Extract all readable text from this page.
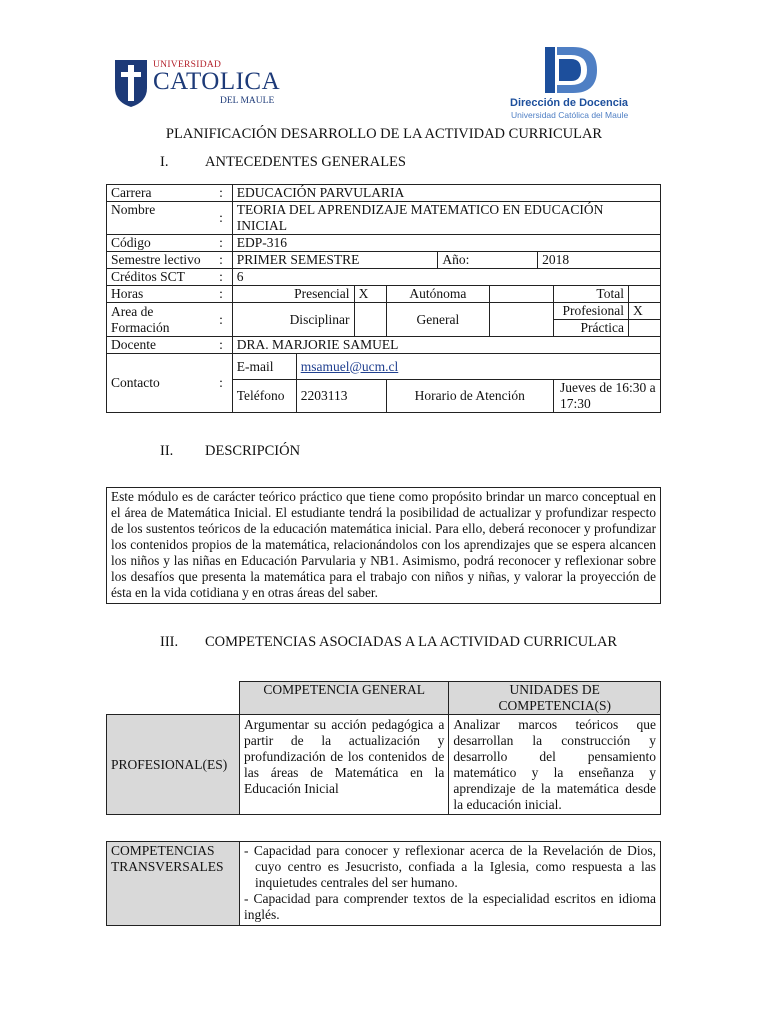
UNIVERSIDAD
CATOLICA
DEL MAULE	Dirección de Docencia
Universidad Católica del Maule
PLANIFICACIÓN DESARROLLO DE LA ACTIVIDAD CURRICULAR
I.	ANTECEDENTES GENERALES
Carrera	:	EDUCACIÓN PARVULARIA								
Nombre	:	TEORIA DEL APRENDIZAJE MATEMATICO EN EDUCACIÓN INICIAL								
Código	:	EDP-316								
Semestre lectivo	:	PRIMER SEMESTRE				Año:		2018		
Créditos SCT	:	6								
Horas	:	Presencial		X	Autónoma				Total	
Area de Formación	:	Disciplinar			General				Profesional	X
									Práctica	
Docente	:	DRA. MARJORIE SAMUEL								
Contacto	:	E-mail	msamuel@ucm.cl							
		Teléfono	2203113		Horario de Atención				Jueves de 16:30 a 17:30	
II. DESCRIPCIÓN
Este módulo es de carácter teórico práctico que tiene como propósito brindar un marco conceptual en el área de Matemática Inicial. El estudiante tendrá la posibilidad de actualizar y profundizar respecto de los sustentos teóricos de la educación matemática inicial. Para ello, deberá reconocer y profundizar los contenidos propios de la matemática, relacionándolos con los aprendizajes que se espera alcancen los niños y las niñas en Educación Parvularia y NB1. Asimismo, podrá reconocer y reflexionar sobre los desafíos que presenta la matemática para el trabajo con niños y niñas, y valorar la proyección de ésta en la vida cotidiana y en otras áreas del saber.
III. COMPETENCIAS ASOCIADAS A LA ACTIVIDAD CURRICULAR
	COMPETENCIA GENERAL	UNIDADES DE COMPETENCIA(S)
PROFESIONAL(ES)	Argumentar su acción pedagógica a partir de la actualización y profundización de los contenidos de las áreas de Matemática en la Educación Inicial	Analizar marcos teóricos que desarrollan la construcción y desarrollo del pensamiento matemático y la enseñanza y aprendizaje de la matemática desde la educación inicial.
COMPETENCIAS TRANSVERSALES	
- Capacidad para conocer y reflexionar acerca de la Revelación de Dios, cuyo centro es Jesucristo, confiada a la Iglesia, como respuesta a las inquietudes centrales del ser humano.
- Capacidad para comprender textos de la especialidad escritos en idioma inglés.
